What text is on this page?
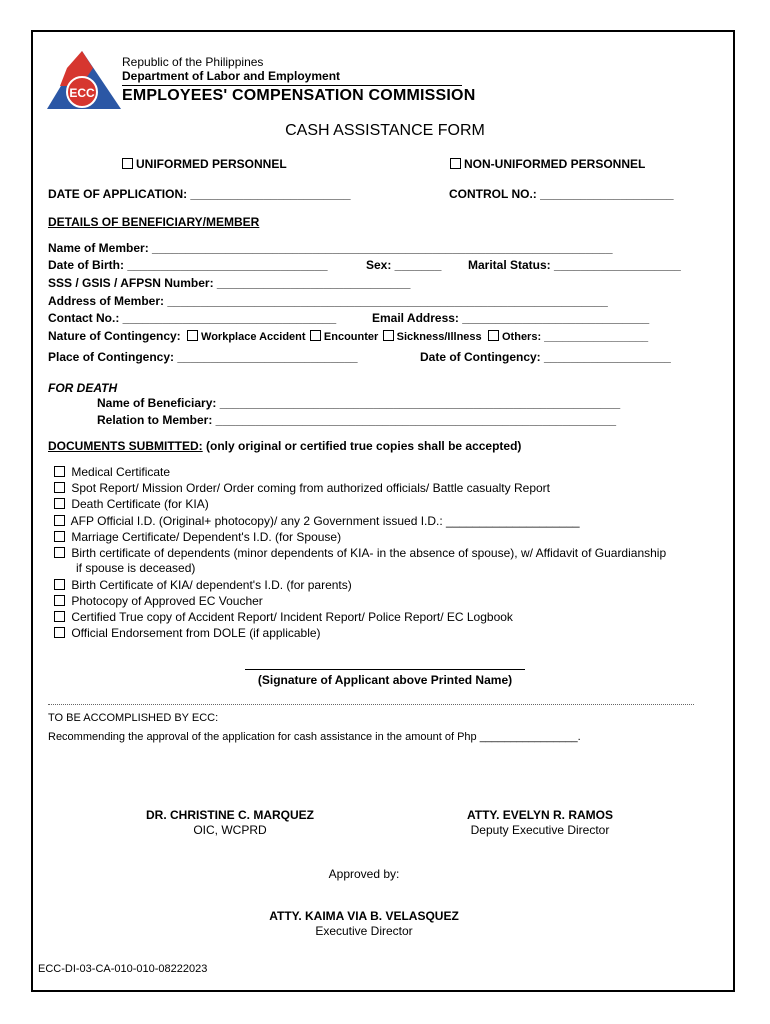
ECC
Republic of the Philippines
Department of Labor and Employment
EMPLOYEES' COMPENSATION COMMISSION
CASH ASSISTANCE FORM
UNIFORMED PERSONNEL	NON-UNIFORMED PERSONNEL
DATE OF APPLICATION: ________________________	CONTROL NO.: ____________________
DETAILS OF BENEFICIARY/MEMBER
Name of Member: _____________________________________________________________________
Date of Birth: ______________________________	Sex: _______ Marital Status: ___________________
SSS / GSIS / AFPSN Number: _____________________________
Address of Member: __________________________________________________________________
Contact No.: ________________________________	Email Address: ____________________________
Nature of Contingency: Workplace Accident Encounter Sickness/Illness Others: _________________
Place of Contingency: ___________________________	Date of Contingency: ___________________
FOR DEATH
Name of Beneficiary: ____________________________________________________________
Relation to Member: ____________________________________________________________
DOCUMENTS SUBMITTED: (only original or certified true copies shall be accepted)
Medical Certificate
Spot Report/ Mission Order/ Order coming from authorized officials/ Battle casualty Report
Death Certificate (for KIA)
AFP Official I.D. (Original+ photocopy)/ any 2 Government issued I.D.: ____________________
Marriage Certificate/ Dependent's I.D. (for Spouse)
Birth certificate of dependents (minor dependents of KIA- in the absence of spouse), w/ Affidavit of Guardianship
if spouse is deceased)
Birth Certificate of KIA/ dependent's I.D. (for parents)
Photocopy of Approved EC Voucher
Certified True copy of Accident Report/ Incident Report/ Police Report/ EC Logbook
Official Endorsement from DOLE (if applicable)
(Signature of Applicant above Printed Name)
TO BE ACCOMPLISHED BY ECC:
Recommending the approval of the application for cash assistance in the amount of Php ________________.
DR. CHRISTINE C. MARQUEZ
OIC, WCPRD
ATTY. EVELYN R. RAMOS
Deputy Executive Director
Approved by:
ATTY. KAIMA VIA B. VELASQUEZ
Executive Director
ECC-DI-03-CA-010-010-08222023
